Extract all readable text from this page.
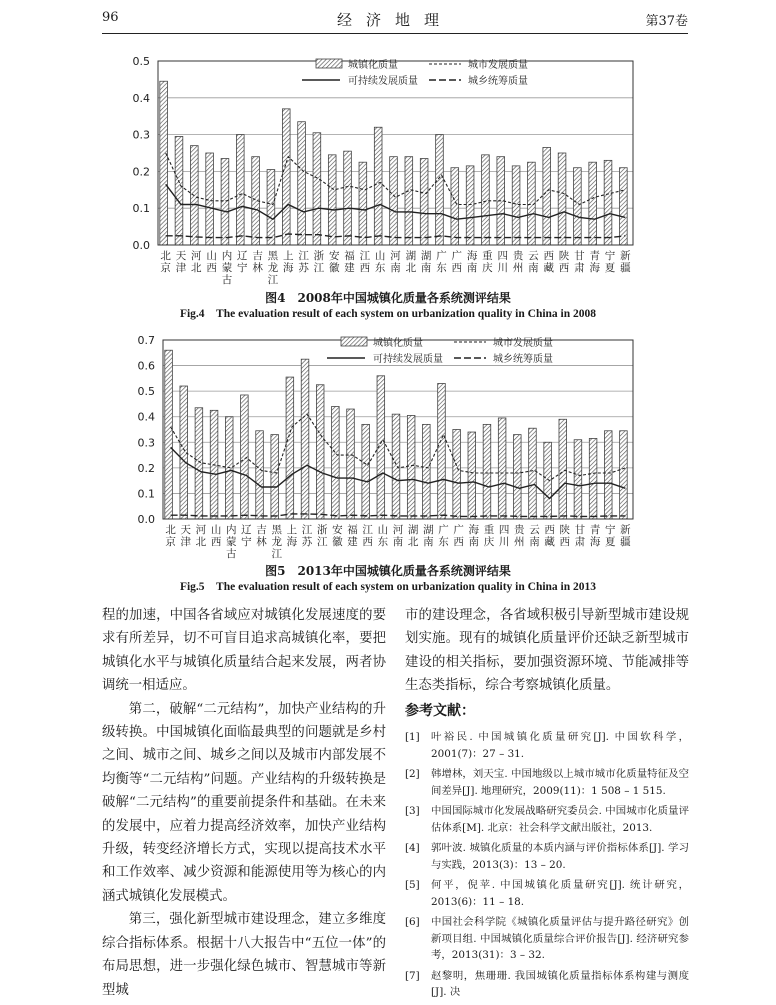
96	经济地理	第37卷
0.0
0.1
0.2
0.3
0.4
0.5
北
京
天
津
河
北
山
西
内
蒙
古
辽
宁
吉
林
黑
龙
江
上
海
江
苏
浙
江
安
徽
福
建
江
西
山
东
河
南
湖
北
湖
南
广
东
广
西
海
南
重
庆
四
川
贵
州
云
南
西
藏
陕
西
甘
肃
青
海
宁
夏
新
疆
城镇化质量	城市发展质量
可持续发展质量	城乡统筹质量
图4　2008年中国城镇化质量各系统测评结果
Fig.4　The evaluation result of each system on urbanization quality in China in 2008
0.0
0.1
0.2
0.3
0.4
0.5
0.6
0.7
北
京
天
津
河
北
山
西
内
蒙
古
辽
宁
吉
林
黑
龙
江
上
海
江
苏
浙
江
安
徽
福
建
江
西
山
东
河
南
湖
北
湖
南
广
东
广
西
海
南
重
庆
四
川
贵
州
云
南
西
藏
陕
西
甘
肃
青
海
宁
夏
新
疆
城镇化质量	城市发展质量
可持续发展质量	城乡统筹质量
图5　2013年中国城镇化质量各系统测评结果
Fig.5　The evaluation result of each system on urbanization quality in China in 2013

程的加速，中国各省域应对城镇化发展速度的要求有所差异，切不可盲目追求高城镇化率，要把城镇化水平与城镇化质量结合起来发展，两者协调统一相适应。

第二，破解“二元结构”，加快产业结构的升级转换。中国城镇化面临最典型的问题就是乡村之间、城市之间、城乡之间以及城市内部发展不均衡等“二元结构”问题。产业结构的升级转换是破解“二元结构”的重要前提条件和基础。在未来的发展中，应着力提高经济效率，加快产业结构升级，转变经济增长方式，实现以提高技术水平和工作效率、减少资源和能源使用等为核心的内涵式城镇化发展模式。

第三，强化新型城市建设理念，建立多维度综合指标体系。根据十八大报告中“五位一体”的布局思想，进一步强化绿色城市、智慧城市等新型城

市的建设理念，各省域积极引导新型城市建设规划实施。现有的城镇化质量评价还缺乏新型城市建设的相关指标，要加强资源环境、节能减排等生态类指标，综合考察城镇化质量。

参考文献：
[1]	叶裕民. 中国城镇化质量研究[J]. 中国软科学，2001(7)：27 – 31.
[2]	韩增林，刘天宝. 中国地级以上城市城市化质量特征及空间差异[J]. 地理研究，2009(11)：1 508 – 1 515.
[3]	中国国际城市化发展战略研究委员会. 中国城市化质量评估体系[M]. 北京：社会科学文献出版社，2013.
[4]	郭叶波. 城镇化质量的本质内涵与评价指标体系[J]. 学习与实践，2013(3)：13 – 20.
[5]	何平，倪苹. 中国城镇化质量研究[J]. 统计研究，2013(6)：11 – 18.
[6]	中国社会科学院《城镇化质量评估与提升路径研究》创新项目组. 中国城镇化质量综合评价报告[J]. 经济研究参考，2013(31)：3 – 32.
[7]	赵黎明，焦珊珊. 我国城镇化质量指标体系构建与测度[J]. 决
